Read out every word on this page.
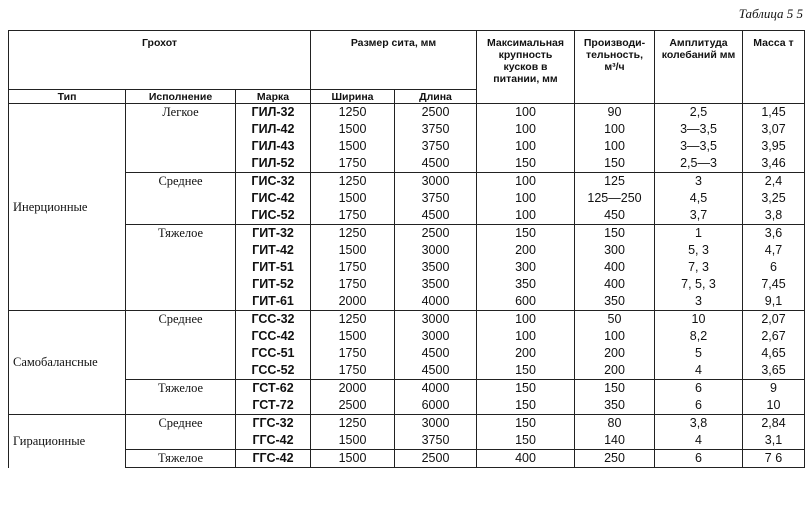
Таблица 5 5
Грохот			Размер сита, мм		Максимальная крупность кусков в питании, мм	Производи-тельность, м³/ч	Амплитуда колебаний мм	Масса т
Тип	Исполнение	Марка	Ширина	Длина				
Инерционные	Легкое	ГИЛ-32	1250	2500	100	90	2,5	1,45
		ГИЛ-42	1500	3750	100	100	3—3,5	3,07
		ГИЛ-43	1500	3750	100	100	3—3,5	3,95
		ГИЛ-52	1750	4500	150	150	2,5—3	3,46
	Среднее	ГИС-32	1250	3000	100	125	3	2,4
		ГИС-42	1500	3750	100	125—250	4,5	3,25
		ГИС-52	1750	4500	100	450	3,7	3,8
	Тяжелое	ГИТ-32	1250	2500	150	150	1	3,6
		ГИТ-42	1500	3000	200	300	5, 3	4,7
		ГИТ-51	1750	3500	300	400	7, 3	6
		ГИТ-52	1750	3500	350	400	7, 5, 3	7,45
		ГИТ-61	2000	4000	600	350	3	9,1
Самобалансные	Среднее	ГСС-32	1250	3000	100	50	10	2,07
		ГСС-42	1500	3000	100	100	8,2	2,67
		ГСС-51	1750	4500	200	200	5	4,65
		ГСС-52	1750	4500	150	200	4	3,65
	Тяжелое	ГСТ-62	2000	4000	150	150	6	9
		ГСТ-72	2500	6000	150	350	6	10
Гирационные	Среднее	ГГС-32	1250	3000	150	80	3,8	2,84
		ГГС-42	1500	3750	150	140	4	3,1
	Тяжелое	ГГС-42	1500	2500	400	250	6	7 6
